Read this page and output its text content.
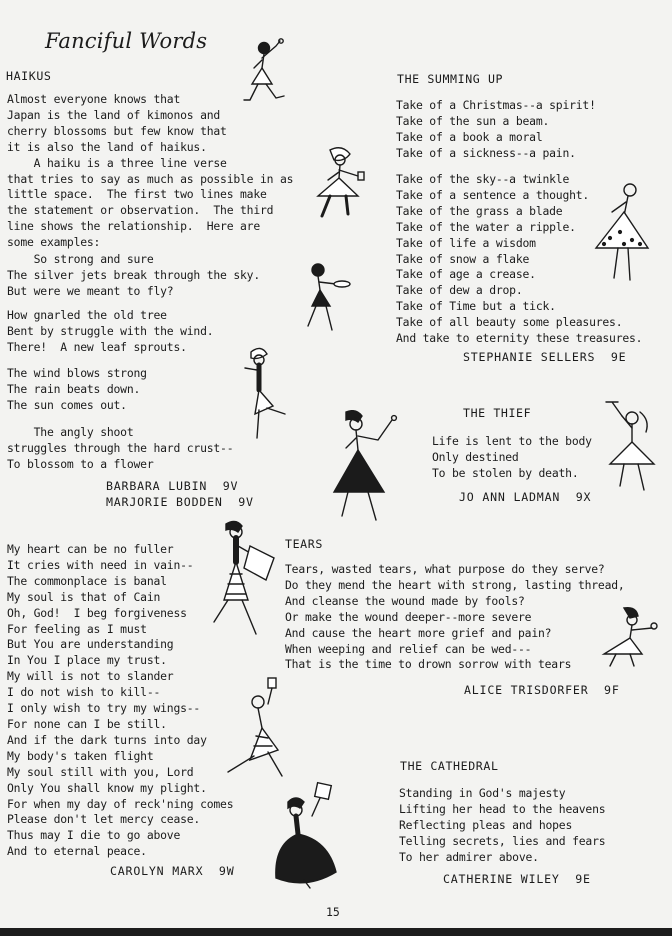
Fanciful Words
HAIKUS
Almost everyone knows that
Japan is the land of kimonos and
cherry blossoms but few know that
it is also the land of haikus.
A haiku is a three line verse
that tries to say as much as possible in as
little space.  The first two lines make
the statement or observation.  The third
line shows the relationship.  Here are
some examples:
So strong and sure
The silver jets break through the sky.
But were we meant to fly?
How gnarled the old tree
Bent by struggle with the wind.
There!  A new leaf sprouts.
The wind blows strong
The rain beats down.
The sun comes out.
The angly shoot
struggles through the hard crust--
To blossom to a flower
BARBARA LUBIN  9V
MARJORIE BODDEN  9V
THE SUMMING UP
Take of a Christmas--a spirit!
Take of the sun a beam.
Take of a book a moral
Take of a sickness--a pain.
Take of the sky--a twinkle
Take of a sentence a thought.
Take of the grass a blade
Take of the water a ripple.
Take of life a wisdom
Take of snow a flake
Take of age a crease.
Take of dew a drop.
Take of Time but a tick.
Take of all beauty some pleasures.
And take to eternity these treasures.
STEPHANIE SELLERS  9E
THE THIEF
Life is lent to the body
Only destined
To be stolen by death.
JO ANN LADMAN  9X
My heart can be no fuller
It cries with need in vain--
The commonplace is banal
My soul is that of Cain
Oh, God!  I beg forgiveness
For feeling as I must
But You are understanding
In You I place my trust.
My will is not to slander
I do not wish to kill--
I only wish to try my wings--
For none can I be still.
And if the dark turns into day
My body's taken flight
My soul still with you, Lord
Only You shall know my plight.
For when my day of reck'ning comes
Please don't let mercy cease.
Thus may I die to go above
And to eternal peace.
CAROLYN MARX  9W
TEARS
Tears, wasted tears, what purpose do they serve?
Do they mend the heart with strong, lasting thread,
And cleanse the wound made by fools?
Or make the wound deeper--more severe
And cause the heart more grief and pain?
When weeping and relief can be wed---
That is the time to drown sorrow with tears
ALICE TRISDORFER  9F
THE CATHEDRAL
Standing in God's majesty
Lifting her head to the heavens
Reflecting pleas and hopes
Telling secrets, lies and fears
To her admirer above.
CATHERINE WILEY  9E
15
